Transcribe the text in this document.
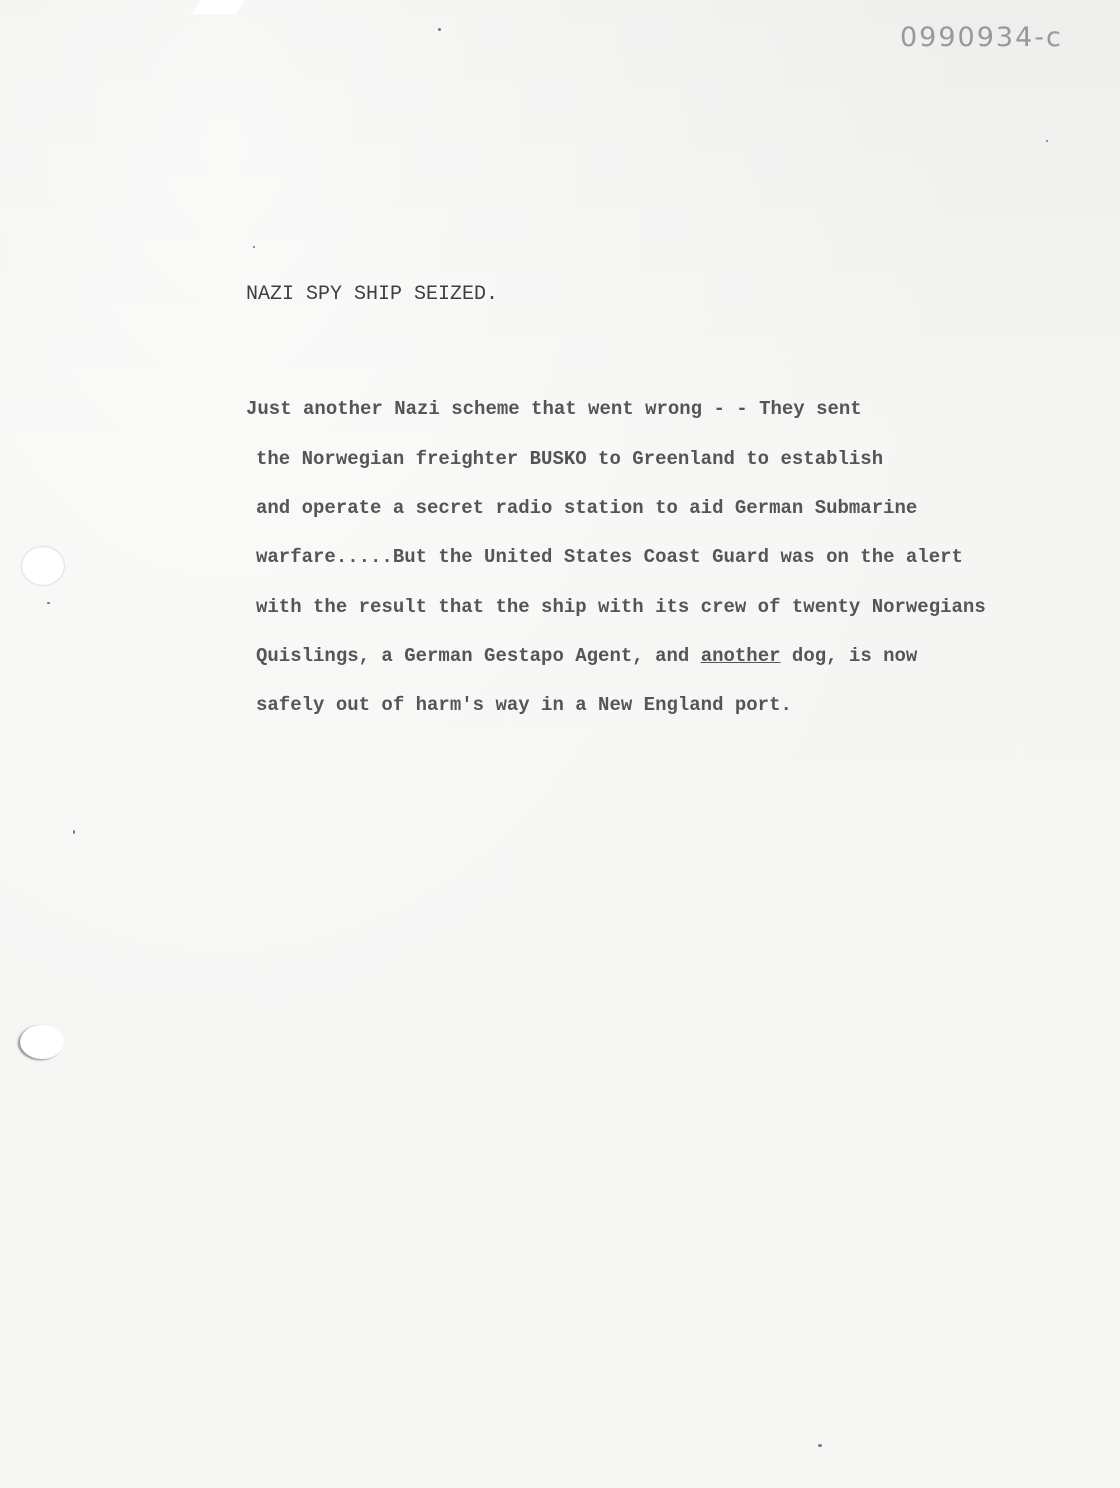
0990934-c
NAZI SPY SHIP SEIZED.
Just another Nazi scheme that went wrong - - They sent
the Norwegian freighter BUSKO to Greenland to establish
and operate a secret radio station to aid German Submarine
warfare.....But the United States Coast Guard was on the alert
with the result that the ship with its crew of twenty Norwegians
Quislings, a German Gestapo Agent, and another dog, is now
safely out of harm's way in a New England port.
